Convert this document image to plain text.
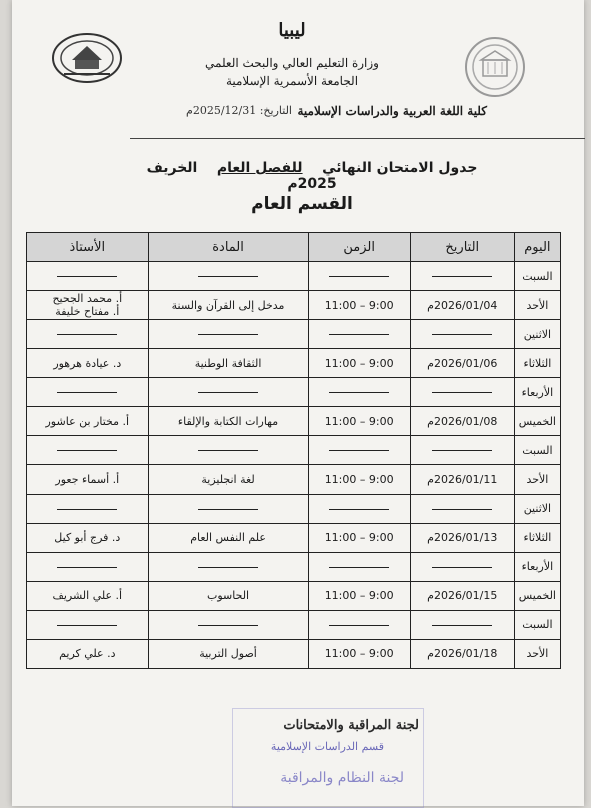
ليبيا
وزارة التعليم العالي والبحث العلمي
الجامعة الأسمرية الإسلامية
كلية اللغة العربية والدراسات الإسلامية
التاريخ: 2025/12/31م
جدول الامتحان النهائي    للفصل العام    الخريف 2025م
القسم العام
اليوم	التاريخ	الزمن	المادة	الأستاذ
السبت				
الأحد	2026/01/04م	9:00 – 11:00	مدخل إلى القرآن والسنة	أ. محمد الجحيح
أ. مفتاح خليفة
الاثنين				
الثلاثاء	2026/01/06م	9:00 – 11:00	الثقافة الوطنية	د. عيادة هرهور
الأربعاء				
الخميس	2026/01/08م	9:00 – 11:00	مهارات الكتابة والإلقاء	أ. مختار بن عاشور
السبت				
الأحد	2026/01/11م	9:00 – 11:00	لغة انجليزية	أ. أسماء جعور
الاثنين				
الثلاثاء	2026/01/13م	9:00 – 11:00	علم النفس العام	د. فرج أبو كيل
الأربعاء				
الخميس	2026/01/15م	9:00 – 11:00	الحاسوب	أ. علي الشريف
السبت				
الأحد	2026/01/18م	9:00 – 11:00	أصول التربية	د. علي كريم
لجنة المراقبة والامتحانات
قسم الدراسات الإسلامية
لجنة النظام والمراقبة
